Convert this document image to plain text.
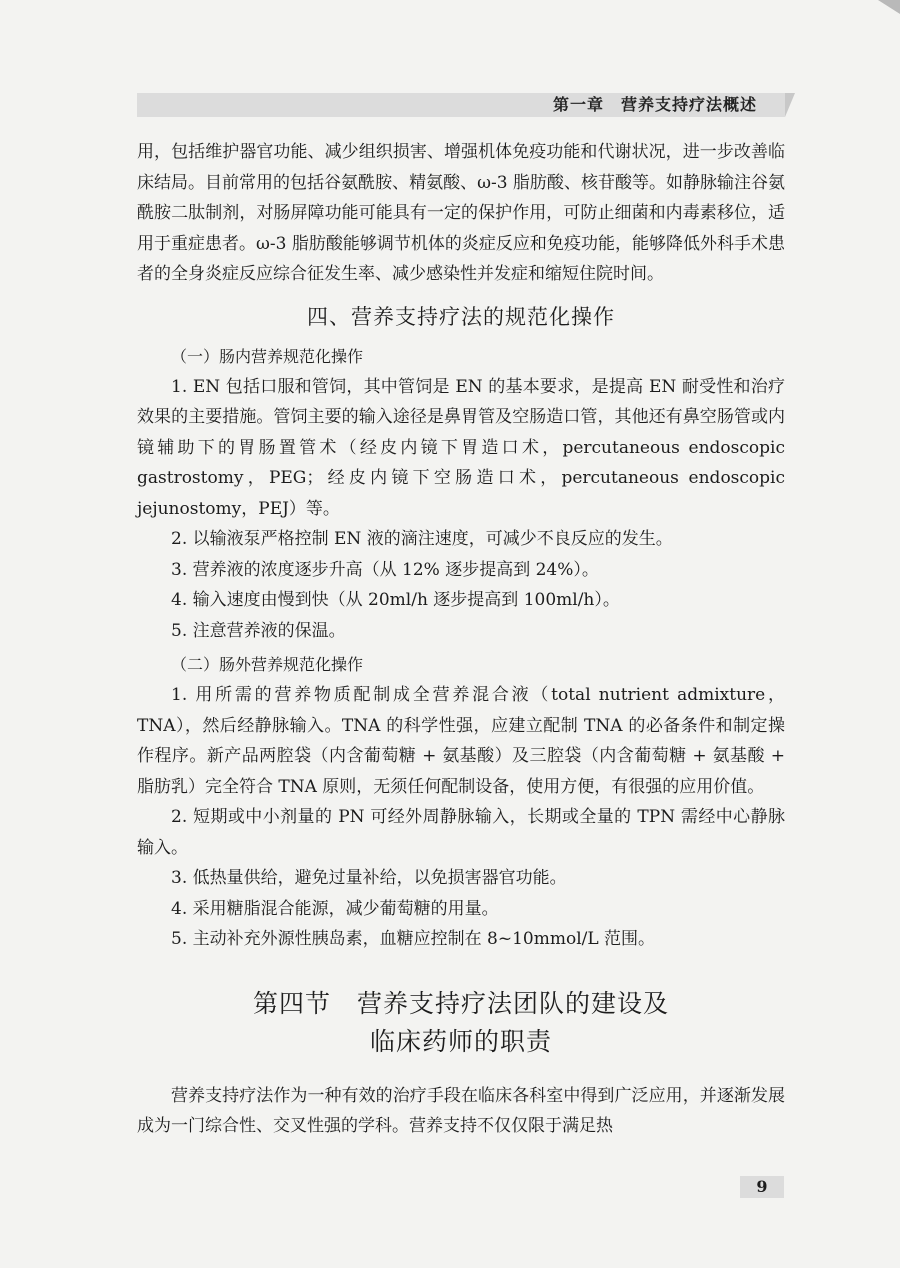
第一章　营养支持疗法概述

用，包括维护器官功能、减少组织损害、增强机体免疫功能和代谢状况，进一步改善临床结局。目前常用的包括谷氨酰胺、精氨酸、ω-3 脂肪酸、核苷酸等。如静脉输注谷氨酰胺二肽制剂，对肠屏障功能可能具有一定的保护作用，可防止细菌和内毒素移位，适用于重症患者。ω-3 脂肪酸能够调节机体的炎症反应和免疫功能，能够降低外科手术患者的全身炎症反应综合征发生率、减少感染性并发症和缩短住院时间。

四、营养支持疗法的规范化操作
（一）肠内营养规范化操作

1. EN 包括口服和管饲，其中管饲是 EN 的基本要求，是提高 EN 耐受性和治疗效果的主要措施。管饲主要的输入途径是鼻胃管及空肠造口管，其他还有鼻空肠管或内镜辅助下的胃肠置管术（经皮内镜下胃造口术，percutaneous endoscopic gastrostomy，PEG；经皮内镜下空肠造口术，percutaneous endoscopic jejunostomy，PEJ）等。

2. 以输液泵严格控制 EN 液的滴注速度，可减少不良反应的发生。

3. 营养液的浓度逐步升高（从 12% 逐步提高到 24%）。

4. 输入速度由慢到快（从 20ml/h 逐步提高到 100ml/h）。

5. 注意营养液的保温。

（二）肠外营养规范化操作

1. 用所需的营养物质配制成全营养混合液（total nutrient admixture，TNA），然后经静脉输入。TNA 的科学性强，应建立配制 TNA 的必备条件和制定操作程序。新产品两腔袋（内含葡萄糖 + 氨基酸）及三腔袋（内含葡萄糖 + 氨基酸 + 脂肪乳）完全符合 TNA 原则，无须任何配制设备，使用方便，有很强的应用价值。

2. 短期或中小剂量的 PN 可经外周静脉输入，长期或全量的 TPN 需经中心静脉输入。

3. 低热量供给，避免过量补给，以免损害器官功能。

4. 采用糖脂混合能源，减少葡萄糖的用量。

5. 主动补充外源性胰岛素，血糖应控制在 8~10mmol/L 范围。

第四节　营养支持疗法团队的建设及
临床药师的职责

营养支持疗法作为一种有效的治疗手段在临床各科室中得到广泛应用，并逐渐发展成为一门综合性、交叉性强的学科。营养支持不仅仅限于满足热

9
